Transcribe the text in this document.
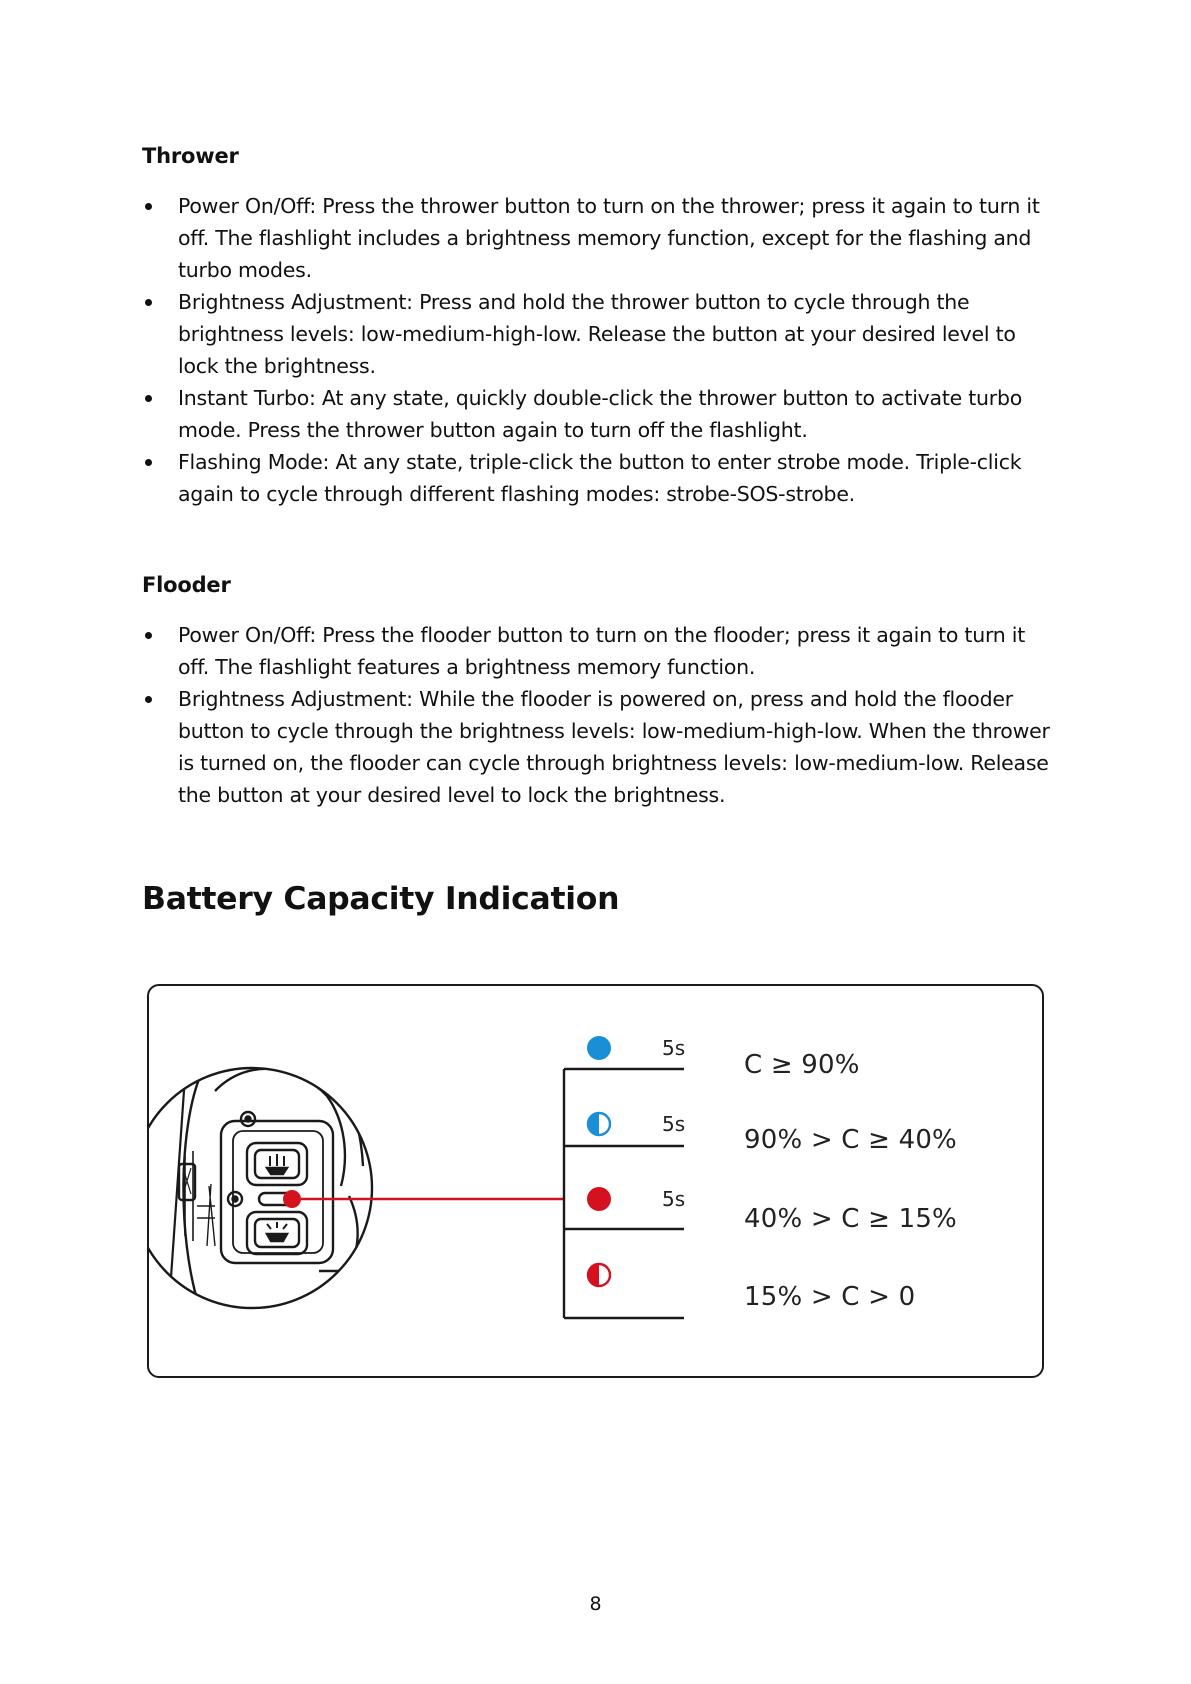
Thrower
Power On/Off: Press the thrower button to turn on the thrower; press it again to turn it off. The flashlight includes a brightness memory function, except for the flashing and turbo modes.
Brightness Adjustment: Press and hold the thrower button to cycle through the brightness levels: low-medium-high-low. Release the button at your desired level to lock the brightness.
Instant Turbo: At any state, quickly double-click the thrower button to activate turbo mode. Press the thrower button again to turn off the flashlight.
Flashing Mode: At any state, triple-click the button to enter strobe mode. Triple-click again to cycle through different flashing modes: strobe-SOS-strobe.
Flooder
Power On/Off: Press the flooder button to turn on the flooder; press it again to turn it off. The flashlight features a brightness memory function.
Brightness Adjustment: While the flooder is powered on, press and hold the flooder button to cycle through the brightness levels: low-medium-high-low. When the thrower is turned on, the flooder can cycle through brightness levels: low-medium-low. Release the button at your desired level to lock the brightness.
Battery Capacity Indication
5s
5s
5s
C ≥ 90%
90% > C ≥ 40%
40% > C ≥ 15%
15% > C > 0
8
